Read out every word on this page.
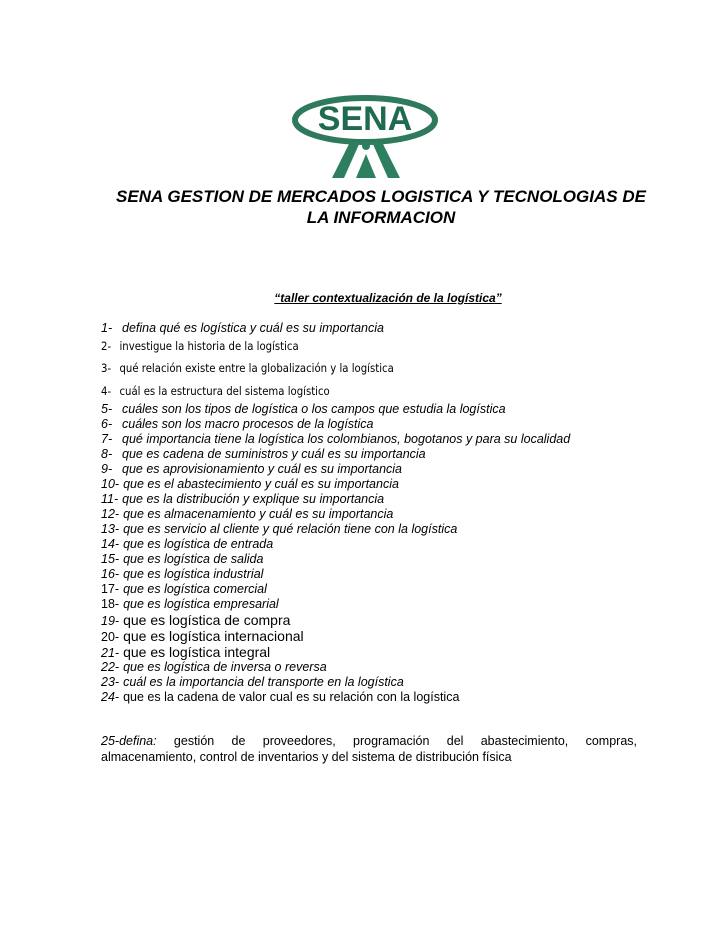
SENA
SENA GESTION DE MERCADOS LOGISTICA Y TECNOLOGIAS DE
LA INFORMACION
“taller contextualización de la logística”
1- defina qué es logística y cuál es su importancia
2- investigue la historia de la logística
3- qué relación existe entre la globalización y la logística
4- cuál es la estructura del sistema logístico
5- cuáles son los tipos de logística o los campos que estudia la logística
6- cuáles son los macro procesos de la logística
7- qué importancia tiene la logística los colombianos, bogotanos y para su localidad
8- que es cadena de suministros y cuál es su importancia
9- que es aprovisionamiento y cuál es su importancia
10- que es el abastecimiento y cuál es su importancia
11- que es la distribución y explique su importancia
12- que es almacenamiento y cuál es su importancia
13- que es servicio al cliente y qué relación tiene con la logística
14- que es logística de entrada
15- que es logística de salida
16- que es logística industrial
17- que es logística comercial
18- que es logística empresarial
19- que es logística de compra
20- que es logística internacional
21- que es logística integral
22- que es logística de inversa o reversa
23- cuál es la importancia del transporte en la logística
24- que es la cadena de valor cual es su relación con la logística
25-defina: gestión de proveedores, programación del abastecimiento, compras, almacenamiento, control de inventarios y del sistema de distribución física
